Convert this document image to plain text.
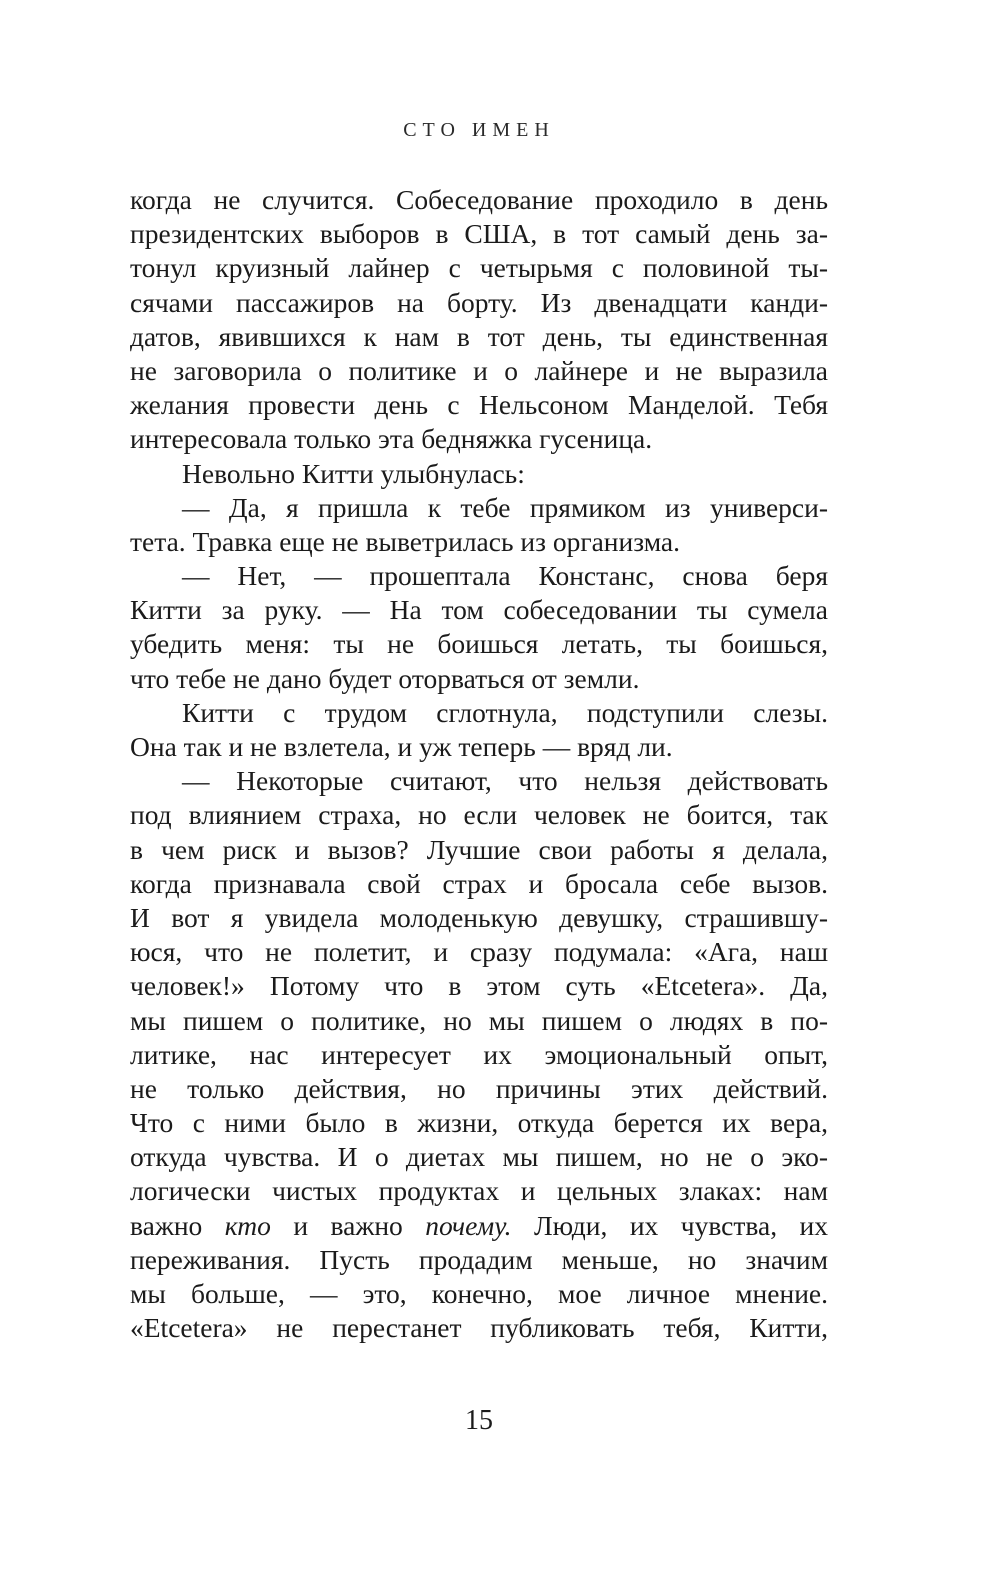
СТО ИМЕН
когда не случится. Собеседование проходило в день
президентских выборов в США, в тот самый день за-
тонул круизный лайнер с четырьмя с половиной ты-
сячами пассажиров на борту. Из двенадцати канди-
датов, явившихся к нам в тот день, ты единственная
не заговорила о политике и о лайнере и не выразила
желания провести день с Нельсоном Манделой. Тебя
интересовала только эта бедняжка гусеница.
Невольно Китти улыбнулась:
— Да, я пришла к тебе прямиком из универси-
тета. Травка еще не выветрилась из организма.
— Нет, — прошептала Констанс, снова беря
Китти за руку. — На том собеседовании ты сумела
убедить меня: ты не боишься летать, ты боишься,
что тебе не дано будет оторваться от земли.
Китти с трудом сглотнула, подступили слезы.
Она так и не взлетела, и уж теперь — вряд ли.
— Некоторые считают, что нельзя действовать
под влиянием страха, но если человек не боится, так
в чем риск и вызов? Лучшие свои работы я делала,
когда признавала свой страх и бросала себе вызов.
И вот я увидела молоденькую девушку, страшившу-
юся, что не полетит, и сразу подумала: «Ага, наш
человек!» Потому что в этом суть «Etcetera». Да,
мы пишем о политике, но мы пишем о людях в по-
литике, нас интересует их эмоциональный опыт,
не только действия, но причины этих действий.
Что с ними было в жизни, откуда берется их вера,
откуда чувства. И о диетах мы пишем, но не о эко-
логически чистых продуктах и цельных злаках: нам
важно кто и важно почему. Люди, их чувства, их
переживания. Пусть продадим меньше, но значим
мы больше, — это, конечно, мое личное мнение.
«Etcetera» не перестанет публиковать тебя, Китти,
15
